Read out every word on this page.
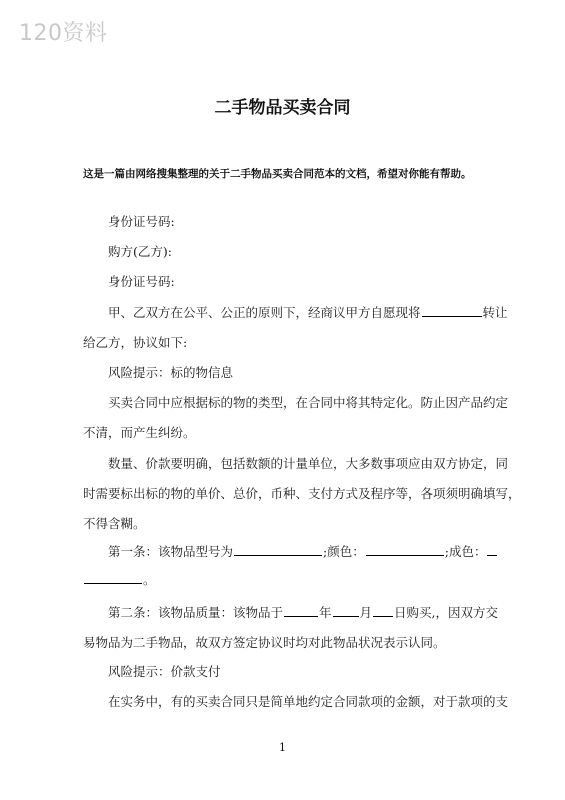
120资料
二手物品买卖合同
这是一篇由网络搜集整理的关于二手物品买卖合同范本的文档，希望对你能有帮助。
身份证号码:
购方(乙方):
身份证号码:
甲、乙双方在公平、公正的原则下，经商议甲方自愿现将	转让
给乙方，协议如下:
风险提示：标的物信息
买卖合同中应根据标的物的类型，在合同中将其特定化。防止因产品约定
不清，而产生纠纷。
数量、价款要明确，包括数额的计量单位，大多数事项应由双方协定，同
时需要标出标的物的单价、总价，币种、支付方式及程序等，各项须明确填写，
不得含糊。
第一条：该物品型号为	;颜色：	;成色：
。
第二条：该物品质量：该物品于	年 月 日购买,，因双方交
易物品为二手物品，故双方签定协议时均对此物品状况表示认同。
风险提示：价款支付
在实务中，有的买卖合同只是简单地约定合同款项的金额，对于款项的支
1
